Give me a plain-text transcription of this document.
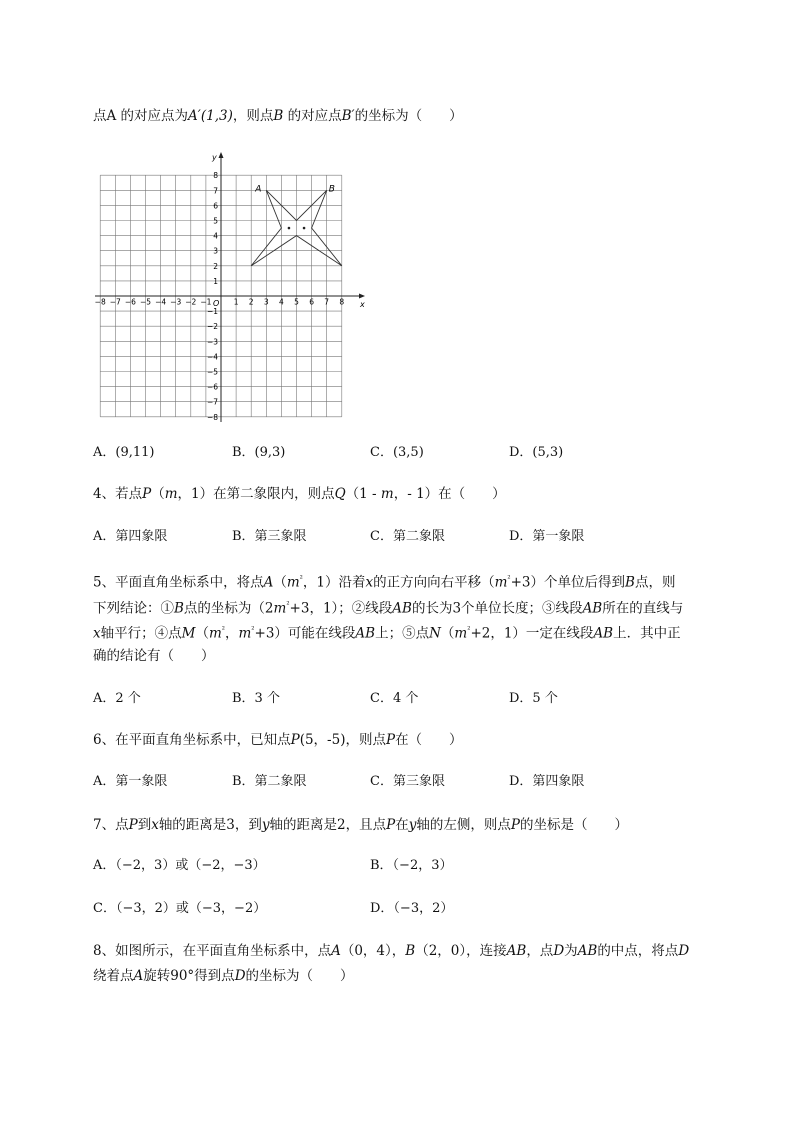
点A 的对应点为A′(1,3)，则点B 的对应点B′的坐标为（　　）
−8 −7 −6 −5 −4 −3 −2 −1	1 2 3 4 5 6 7 8
8
7
6
5
4
3
2
1
−1
−2
−3
−4
−5
−6
−7
−8
A	B
x
y
O
A．(9,11)	B．(9,3)	C．(3,5)	D．(5,3)
4、若点P（m，1）在第二象限内，则点Q（1 - m，- 1）在（　　）
A．第四象限	B．第三象限	C．第二象限	D．第一象限
5、平面直角坐标系中，将点$A(m^{^2}$，1）沿着x的正方向向右平移$(m^{^2}+3)$个单位后得到B点，则
下列结论：①B点的坐标为（$2m^{^2}+3$，1）；②线段AB的长为3个单位长度；③线段AB所在的直线与
x轴平行；④点$M(m^{^2}$，$m^{^2}+3$）可能在线段AB上；⑤点$N(m^{^2}+2$，1）一定在线段AB上．其中正
确的结论有（　　）
A．2 个	B．3 个	C．4 个	D．5 个
6、在平面直角坐标系中，已知点P(5，-5)，则点P在（　　）
A．第一象限	B．第二象限	C．第三象限	D．第四象限
7、点P到x轴的距离是3，到y轴的距离是2，且点P在y轴的左侧，则点P的坐标是（　　）
A．（−2，3）或（−2，−3）	B．（−2，3）
C．（−3，2）或（−3，−2）	D．（−3，2）
8、如图所示，在平面直角坐标系中，点A（0，4），B（2，0），连接AB，点D为AB的中点，将点D
绕着点A旋转90°得到点D的坐标为（　　）
